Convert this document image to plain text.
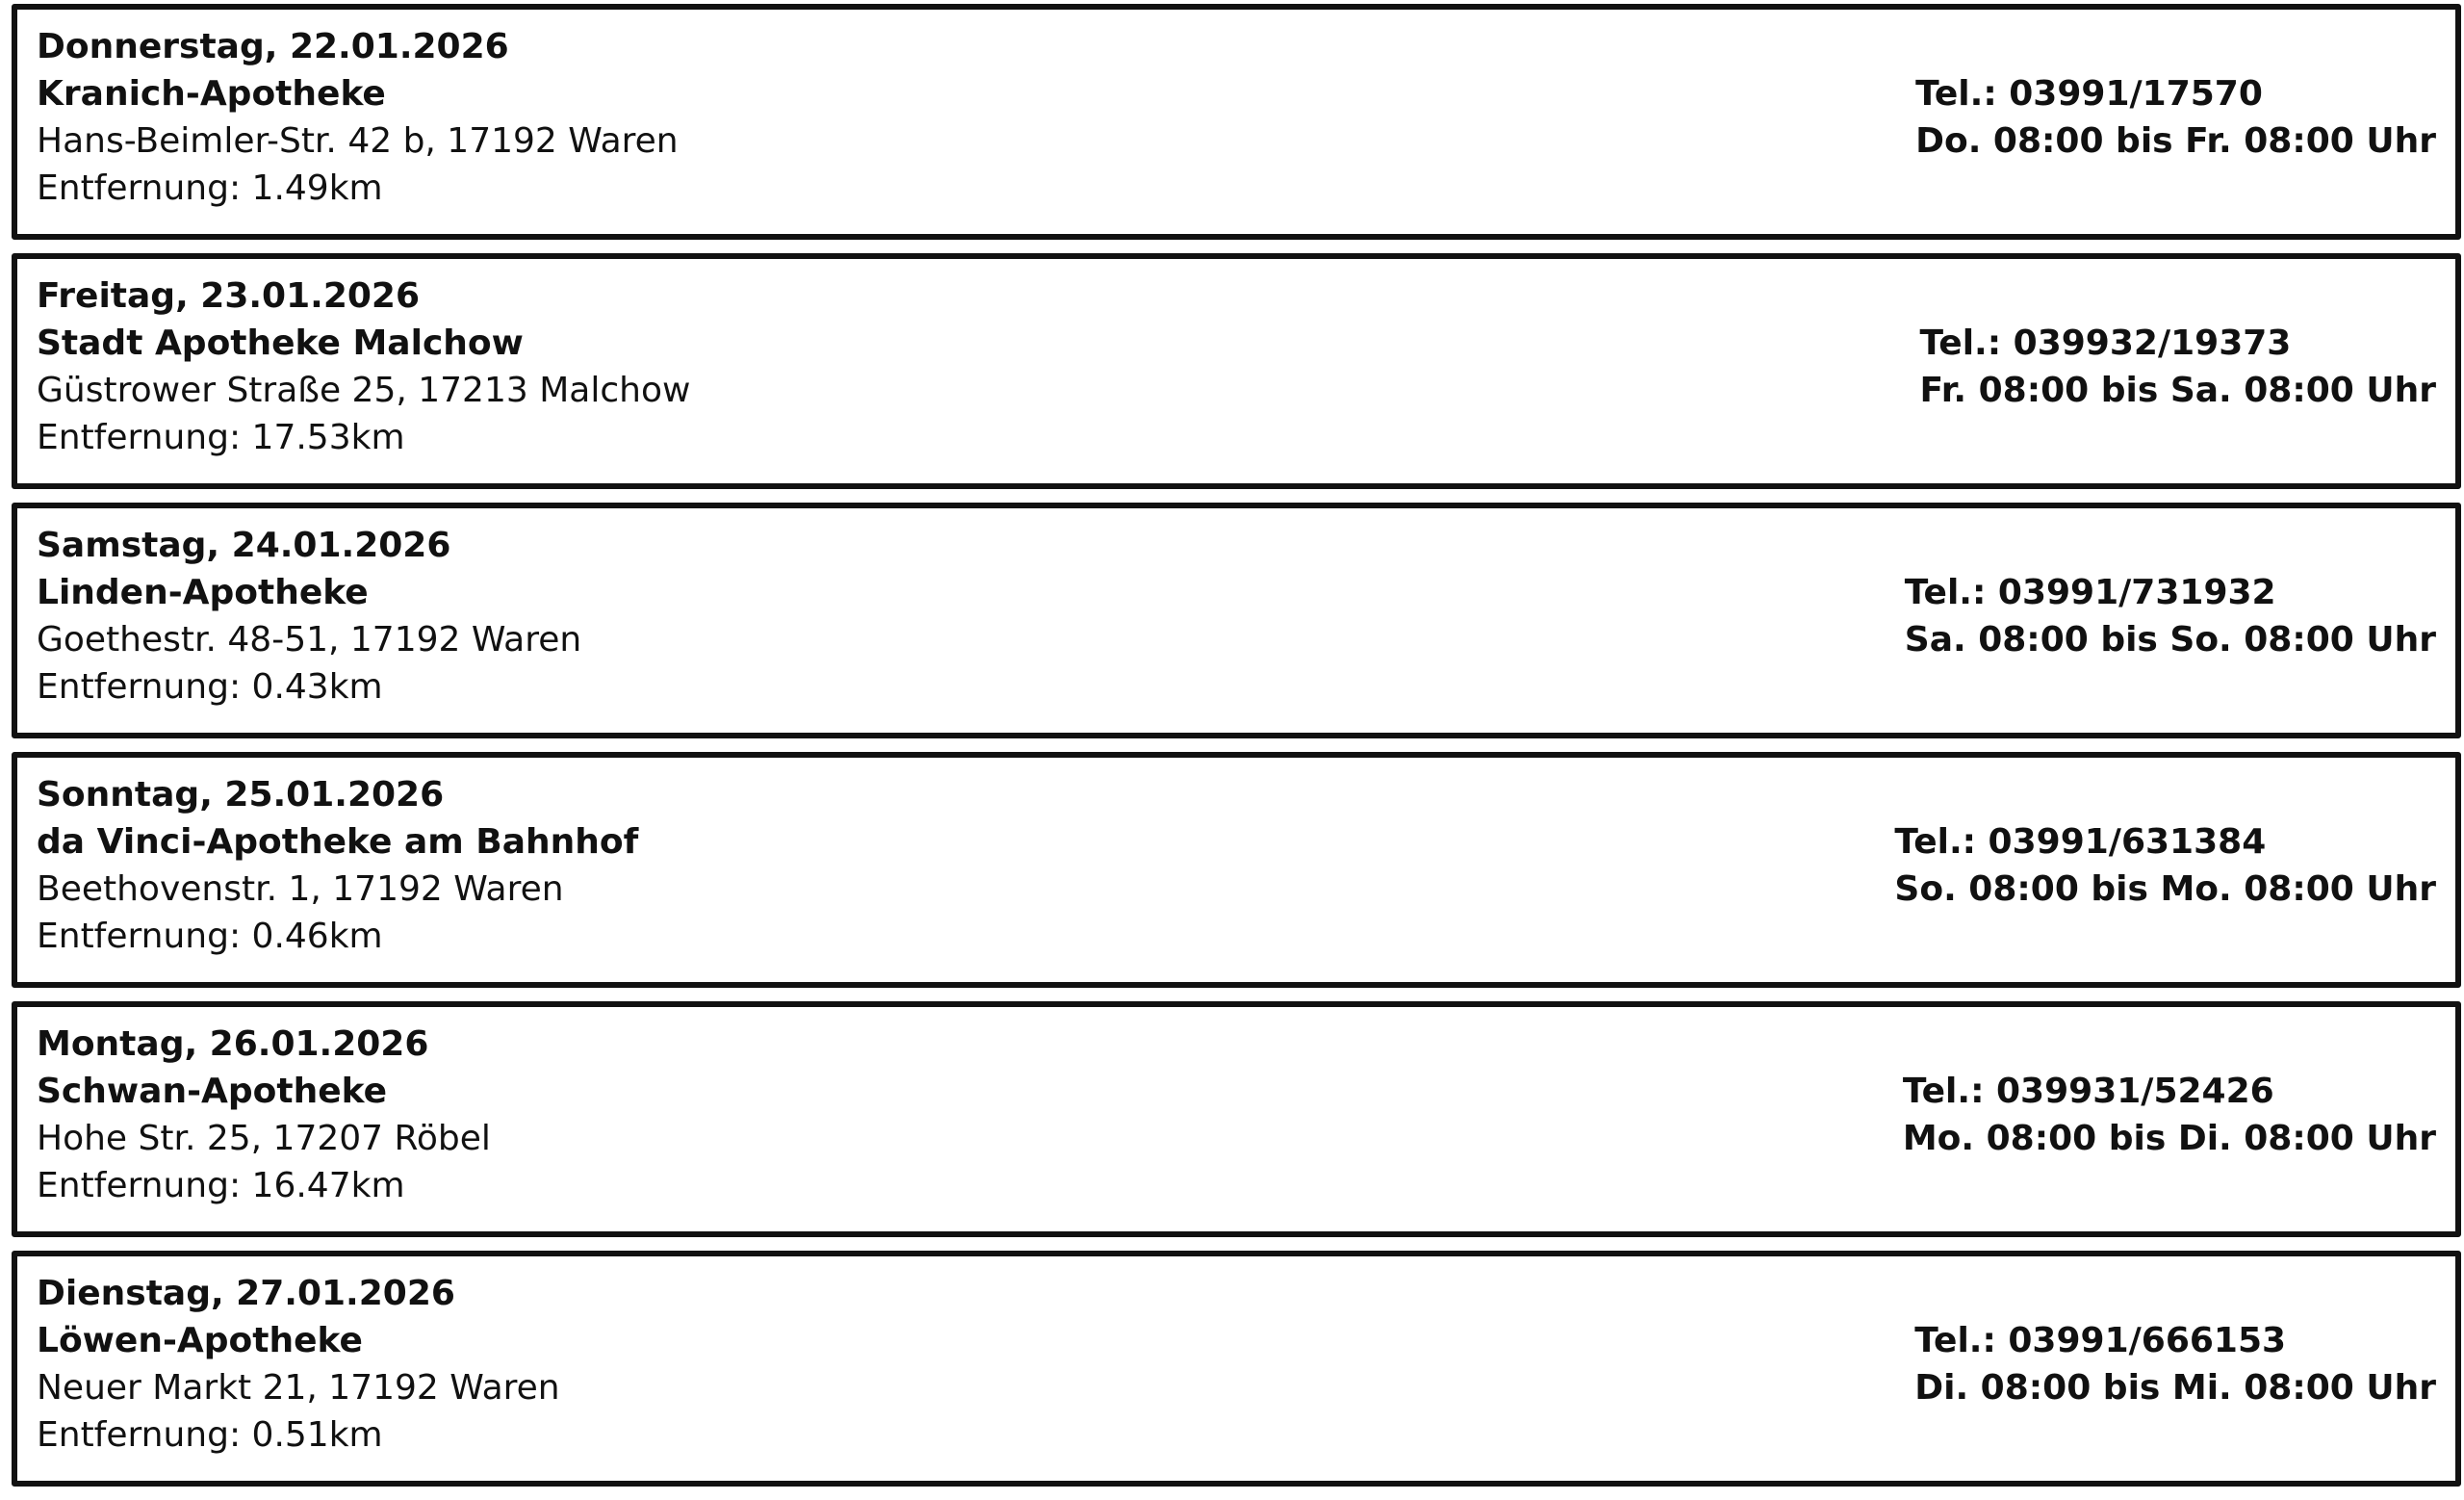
Donnerstag, 22.01.2026
Kranich-Apotheke
Hans-Beimler-Str. 42 b, 17192 Waren
Entfernung: 1.49km
Tel.: 03991/17570
Do. 08:00 bis Fr. 08:00 Uhr
Freitag, 23.01.2026
Stadt Apotheke Malchow
Güstrower Straße 25, 17213 Malchow
Entfernung: 17.53km
Tel.: 039932/19373
Fr. 08:00 bis Sa. 08:00 Uhr
Samstag, 24.01.2026
Linden-Apotheke
Goethestr. 48-51, 17192 Waren
Entfernung: 0.43km
Tel.: 03991/731932
Sa. 08:00 bis So. 08:00 Uhr
Sonntag, 25.01.2026
da Vinci-Apotheke am Bahnhof
Beethovenstr. 1, 17192 Waren
Entfernung: 0.46km
Tel.: 03991/631384
So. 08:00 bis Mo. 08:00 Uhr
Montag, 26.01.2026
Schwan-Apotheke
Hohe Str. 25, 17207 Röbel
Entfernung: 16.47km
Tel.: 039931/52426
Mo. 08:00 bis Di. 08:00 Uhr
Dienstag, 27.01.2026
Löwen-Apotheke
Neuer Markt 21, 17192 Waren
Entfernung: 0.51km
Tel.: 03991/666153
Di. 08:00 bis Mi. 08:00 Uhr
